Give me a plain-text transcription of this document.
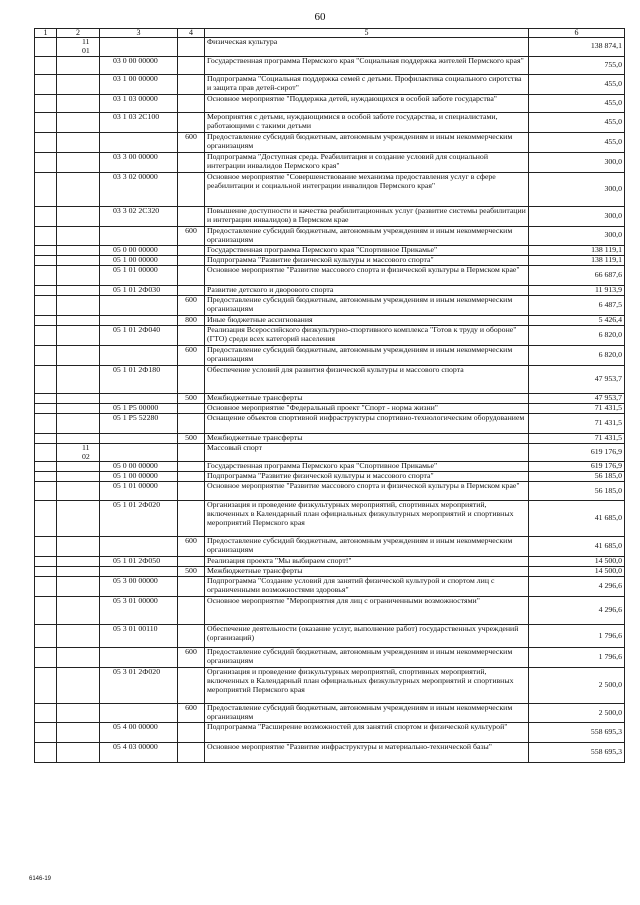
60
1	2	3	4	5	6
	11 01			Физическая культура	138 874,1
		03 0 00 00000		Государственная программа Пермского края "Социальная поддержка жителей Пермского края"	755,0
		03 1 00 00000		Подпрограмма "Социальная поддержка семей с детьми. Профилактика социального сиротства и защита прав детей-сирот"	455,0
		03 1 03 00000		Основное мероприятие "Поддержка детей, нуждающихся в особой заботе государства"	455,0
		03 1 03 2С100		Мероприятия с детьми, нуждающимися в особой заботе государства, и специалистами, работающими с такими детьми	455,0
			600	Предоставление субсидий бюджетным, автономным учреждениям и иным некоммерческим организациям	455,0
		03 3 00 00000		Подпрограмма "Доступная среда. Реабилитация и создание условий для социальной интеграции инвалидов Пермского края"	300,0
		03 3 02 00000		Основное мероприятие "Совершенствование механизма предоставления услуг в сфере реабилитации и социальной интеграции инвалидов Пермского края"	300,0
		03 3 02 2С320		Повышение доступности и качества реабилитационных услуг (развитие системы реабилитации и интеграции инвалидов) в Пермском крае	300,0
			600	Предоставление субсидий бюджетным, автономным учреждениям и иным некоммерческим организациям	300,0
		05 0 00 00000		Государственная программа Пермского края "Спортивное Прикамье"	138 119,1
		05 1 00 00000		Подпрограмма "Развитие физической культуры и массового спорта"	138 119,1
		05 1 01 00000		Основное мероприятие "Развитие массового спорта и физической культуры в Пермском крае"	66 687,6
		05 1 01 2Ф030		Развитие детского и дворового спорта	11 913,9
			600	Предоставление субсидий бюджетным, автономным учреждениям и иным некоммерческим организациям	6 487,5
			800	Иные бюджетные ассигнования	5 426,4
		05 1 01 2Ф040		Реализация Всероссийского физкультурно-спортивного комплекса "Готов к труду и обороне" (ГТО) среди всех категорий населения	6 820,0
			600	Предоставление субсидий бюджетным, автономным учреждениям и иным некоммерческим организациям	6 820,0
		05 1 01 2Ф180		Обеспечение условий для развития физической культуры и массового спорта	47 953,7
			500	Межбюджетные трансферты	47 953,7
		05 1 P5 00000		Основное мероприятие "Федеральный проект "Спорт - норма жизни"	71 431,5
		05 1 P5 52280		Оснащение объектов спортивной инфраструктуры спортивно-технологическим оборудованием	71 431,5
			500	Межбюджетные трансферты	71 431,5
	11 02			Массовый спорт	619 176,9
		05 0 00 00000		Государственная программа Пермского края "Спортивное Прикамье"	619 176,9
		05 1 00 00000		Подпрограмма "Развитие физической культуры и массового спорта"	56 185,0
		05 1 01 00000		Основное мероприятие "Развитие массового спорта и физической культуры в Пермском крае"	56 185,0
		05 1 01 2Ф020		Организация и проведение физкультурных мероприятий, спортивных мероприятий, включенных в Календарный план официальных физкультурных мероприятий и спортивных мероприятий Пермского края	41 685,0
			600	Предоставление субсидий бюджетным, автономным учреждениям и иным некоммерческим организациям	41 685,0
		05 1 01 2Ф050		Реализация проекта "Мы выбираем спорт!"	14 500,0
			500	Межбюджетные трансферты	14 500,0
		05 3 00 00000		Подпрограмма "Создание условий для занятий физической культурой и спортом лиц с ограниченными возможностями здоровья"	4 296,6
		05 3 01 00000		Основное мероприятие "Мероприятия для лиц с ограниченными возможностями"	4 296,6
		05 3 01 00110		Обеспечение деятельности (оказание услуг, выполнение работ) государственных учреждений (организаций)	1 796,6
			600	Предоставление субсидий бюджетным, автономным учреждениям и иным некоммерческим организациям	1 796,6
		05 3 01 2Ф020		Организация и проведение физкультурных мероприятий, спортивных мероприятий, включенных в Календарный план официальных физкультурных мероприятий и спортивных мероприятий Пермского края	2 500,0
			600	Предоставление субсидий бюджетным, автономным учреждениям и иным некоммерческим организациям	2 500,0
		05 4 00 00000		Подпрограмма "Расширение возможностей для занятий спортом и физической культурой"	558 695,3
		05 4 03 00000		Основное мероприятие "Развитие инфраструктуры и материально-технической базы"	558 695,3
6146-19
